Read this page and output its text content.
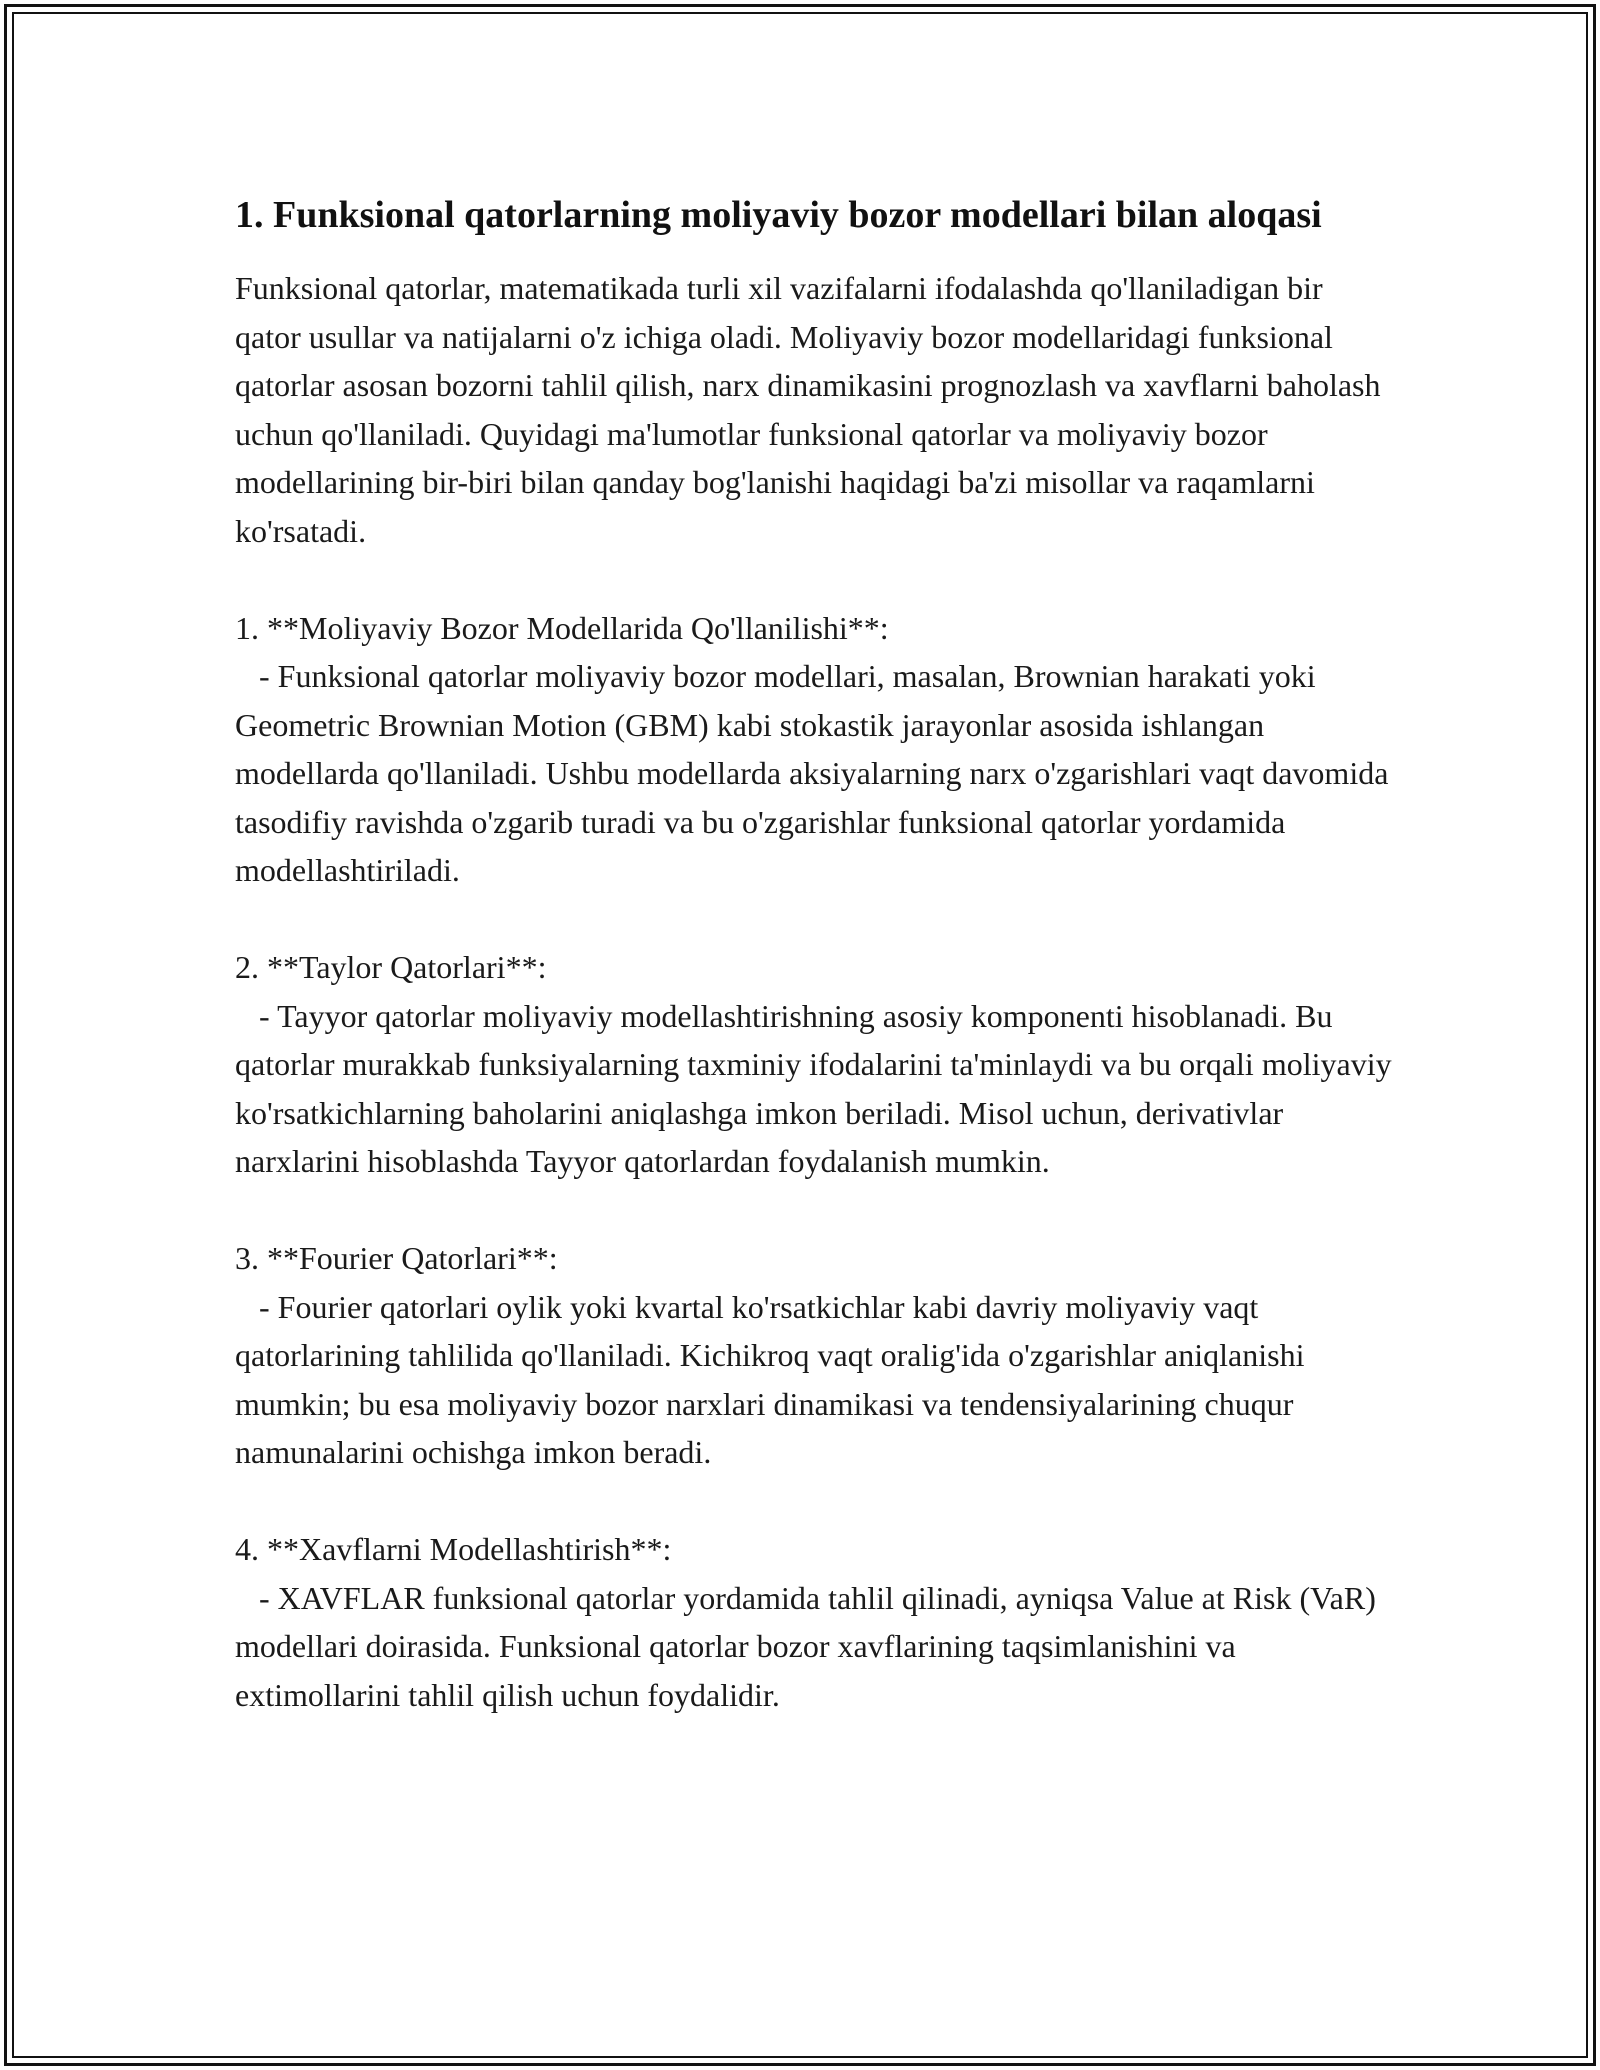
1. Funksional qatorlarning moliyaviy bozor modellari bilan aloqasi

Funksional qatorlar, matematikada turli xil vazifalarni ifodalashda qo'llaniladigan bir qator usullar va natijalarni o'z ichiga oladi. Moliyaviy bozor modellaridagi funksional qatorlar asosan bozorni tahlil qilish, narx dinamikasini prognozlash va xavflarni baholash uchun qo'llaniladi. Quyidagi ma'lumotlar funksional qatorlar va moliyaviy bozor modellarining bir-biri bilan qanday bog'lanishi haqidagi ba'zi misollar va raqamlarni ko'rsatadi.

1. **Moliyaviy Bozor Modellarida Qo'llanilishi**:

- Funksional qatorlar moliyaviy bozor modellari, masalan, Brownian harakati yoki Geometric Brownian Motion (GBM) kabi stokastik jarayonlar asosida ishlangan modellarda qo'llaniladi. Ushbu modellarda aksiyalarning narx o'zgarishlari vaqt davomida tasodifiy ravishda o'zgarib turadi va bu o'zgarishlar funksional qatorlar yordamida modellashtiriladi.

2. **Taylor Qatorlari**:

- Tayyor qatorlar moliyaviy modellashtirishning asosiy komponenti hisoblanadi. Bu qatorlar murakkab funksiyalarning taxminiy ifodalarini ta'minlaydi va bu orqali moliyaviy ko'rsatkichlarning baholarini aniqlashga imkon beriladi. Misol uchun, derivativlar narxlarini hisoblashda Tayyor qatorlardan foydalanish mumkin.

3. **Fourier Qatorlari**:

- Fourier qatorlari oylik yoki kvartal ko'rsatkichlar kabi davriy moliyaviy vaqt qatorlarining tahlilida qo'llaniladi. Kichikroq vaqt oralig'ida o'zgarishlar aniqlanishi mumkin; bu esa moliyaviy bozor narxlari dinamikasi va tendensiyalarining chuqur namunalarini ochishga imkon beradi.

4. **Xavflarni Modellashtirish**:

- XAVFLAR funksional qatorlar yordamida tahlil qilinadi, ayniqsa Value at Risk (VaR) modellari doirasida. Funksional qatorlar bozor xavflarining taqsimlanishini va extimollarini tahlil qilish uchun foydalidir.
